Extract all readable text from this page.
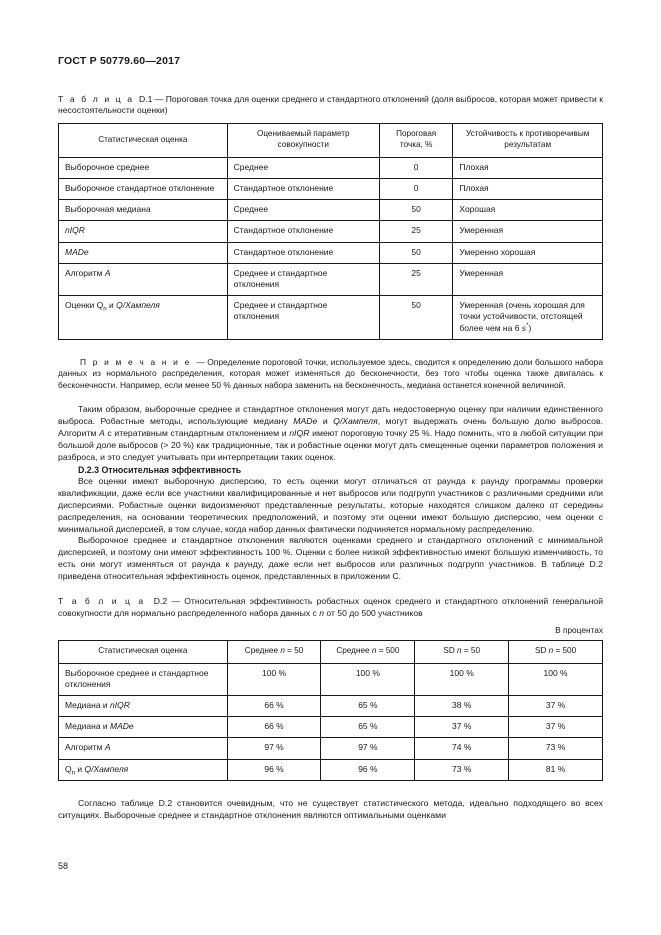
ГОСТ Р 50779.60—2017

Т а б л и ц а D.1 — Пороговая точка для оценки среднего и стандартного отклонений (доля выбросов, которая может привести к несостоятельности оценки)

Статистическая оценка	Оцениваемый параметр совокупности	Пороговая точка, %	Устойчивость к противоречивым результатам
Выборочное среднее	Среднее	0	Плохая
Выборочное стандартное отклонение	Стандартное отклонение	0	Плохая
Выборочная медиана	Среднее	50	Хорошая
nIQR	Стандартное отклонение	25	Умеренная
MADe	Стандартное отклонение	50	Умеренно хорошая
Алгоритм A	Среднее и стандартное отклонения	25	Умеренная
Оценки $Q_n$ и Q/Хампеля	Среднее и стандартное отклонения	50	Умеренная (очень хорошая для точки устойчивости, отстоящей более чем на 6 s*)

П р и м е ч а н и е — Определение пороговой точки, используемое здесь, сводится к определению доли большого набора данных из нормального распределения, которая может изменяться до бесконечности, без того чтобы оценка также двигалась к бесконечности. Например, если менее 50 % данных набора заменить на бесконечность, медиана останется конечной величиной.

Таким образом, выборочные среднее и стандартное отклонения могут дать недостоверную оценку при наличии единственного выброса. Робастные методы, использующие медиану MADe и Q/Хампеля, могут выдержать очень большую долю выбросов. Алгоритм A с итеративным стандартным отклонением и nIQR имеют пороговую точку 25 %. Надо помнить, что в любой ситуации при большой доле выбросов (> 20 %) как традиционные, так и робастные оценки могут дать смещенные оценки параметров положения и разброса, и это следует учитывать при интерпретации таких оценок.

D.2.3 Относительная эффективность

Все оценки имеют выборочную дисперсию, то есть оценки могут отличаться от раунда к раунду программы проверки квалификации, даже если все участники квалифицированные и нет выбросов или подгрупп участников с различными средними или дисперсиями. Робастные оценки видоизменяют представленные результаты, которые находятся слишком далеко от середины распределения, на основании теоретических предположений, и поэтому эти оценки имеют большую дисперсию, чем оценки с минимальной дисперсией, в том случае, когда набор данных фактически подчиняется нормальному распределению.

Выборочное среднее и стандартное отклонения являются оценками среднего и стандартного отклонений с минимальной дисперсией, и поэтому они имеют эффективность 100 %. Оценки с более низкой эффективностью имеют большую изменчивость, то есть они могут изменяться от раунда к раунду, даже если нет выбросов или различных подгрупп участников. В таблице D.2 приведена относительная эффективность оценок, представленных в приложении C.

Т а б л и ц а D.2 — Относительная эффективность робастных оценок среднего и стандартного отклонений генеральной совокупности для нормально распределенного набора данных с n от 50 до 500 участников

В процентах

Статистическая оценка	Среднее n = 50	Среднее n = 500	SD n = 50	SD n = 500
Выборочное среднее и стандартное отклонения	100 %	100 %	100 %	100 %
Медиана и nIQR	66 %	65 %	38 %	37 %
Медиана и MADe	66 %	65 %	37 %	37 %
Алгоритм A	97 %	97 %	74 %	73 %
$Q_n$ и Q/Хампеля	96 %	96 %	73 %	81 %

Согласно таблице D.2 становится очевидным, что не существует статистического метода, идеально подходящего во всех ситуациях. Выборочные среднее и стандартное отклонения являются оптимальными оценками

58
